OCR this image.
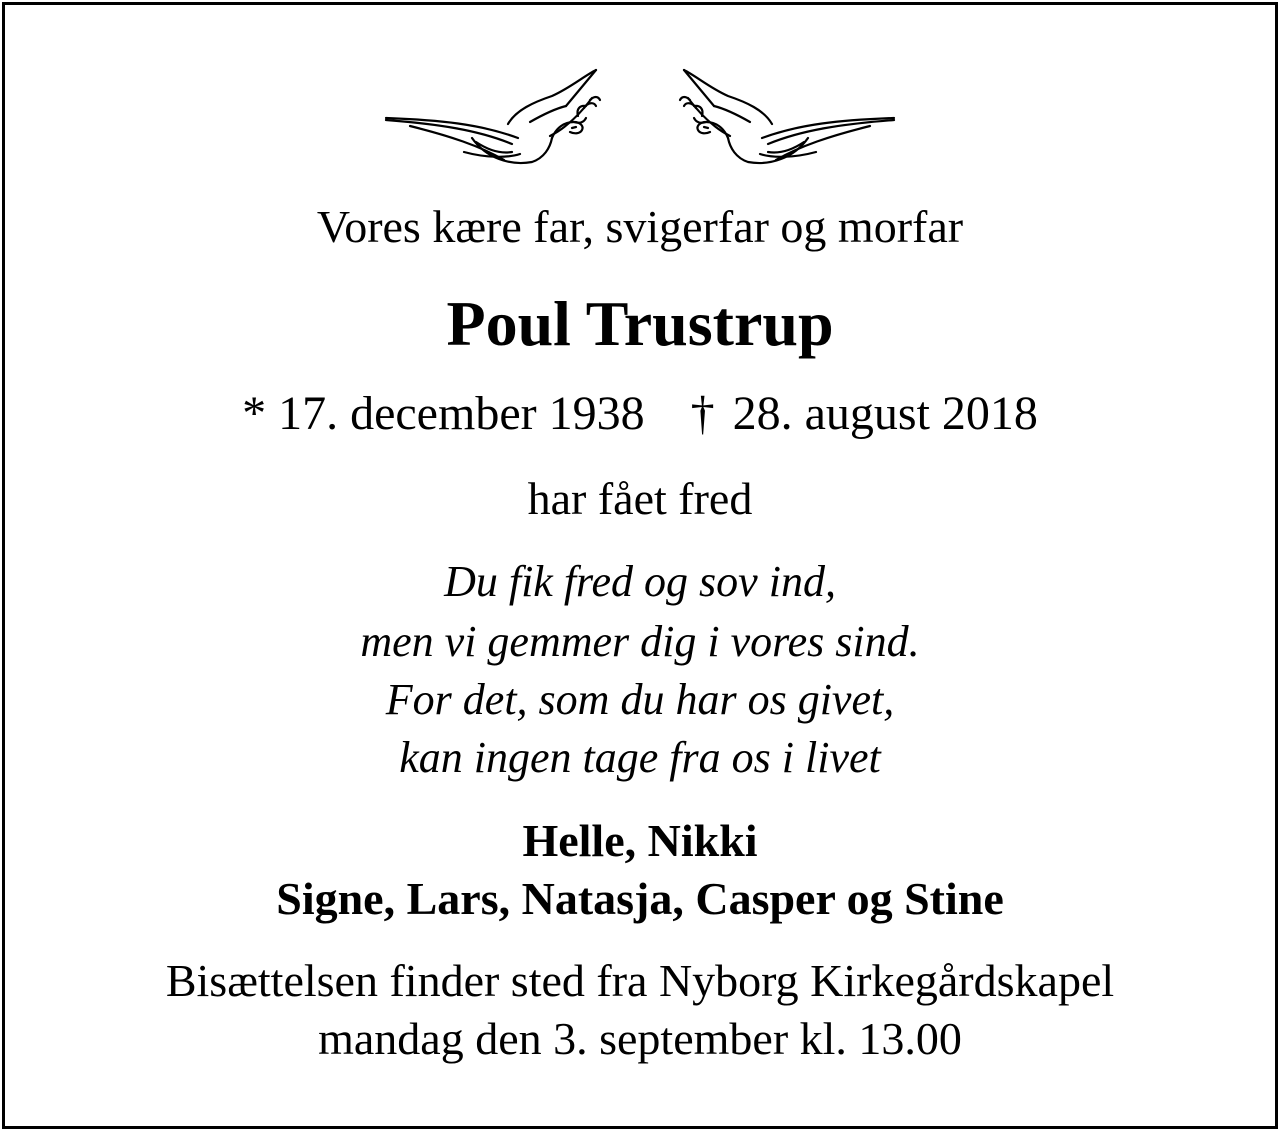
Vores kære far, svigerfar og morfar
Poul Trustrup
* 17. december 1938 † 28. august 2018
har fået fred
Du fik fred og sov ind,
men vi gemmer dig i vores sind.
For det, som du har os givet,
kan ingen tage fra os i livet
Helle, Nikki
Signe, Lars, Natasja, Casper og Stine
Bisættelsen finder sted fra Nyborg Kirkegårdskapel
mandag den 3. september kl. 13.00
